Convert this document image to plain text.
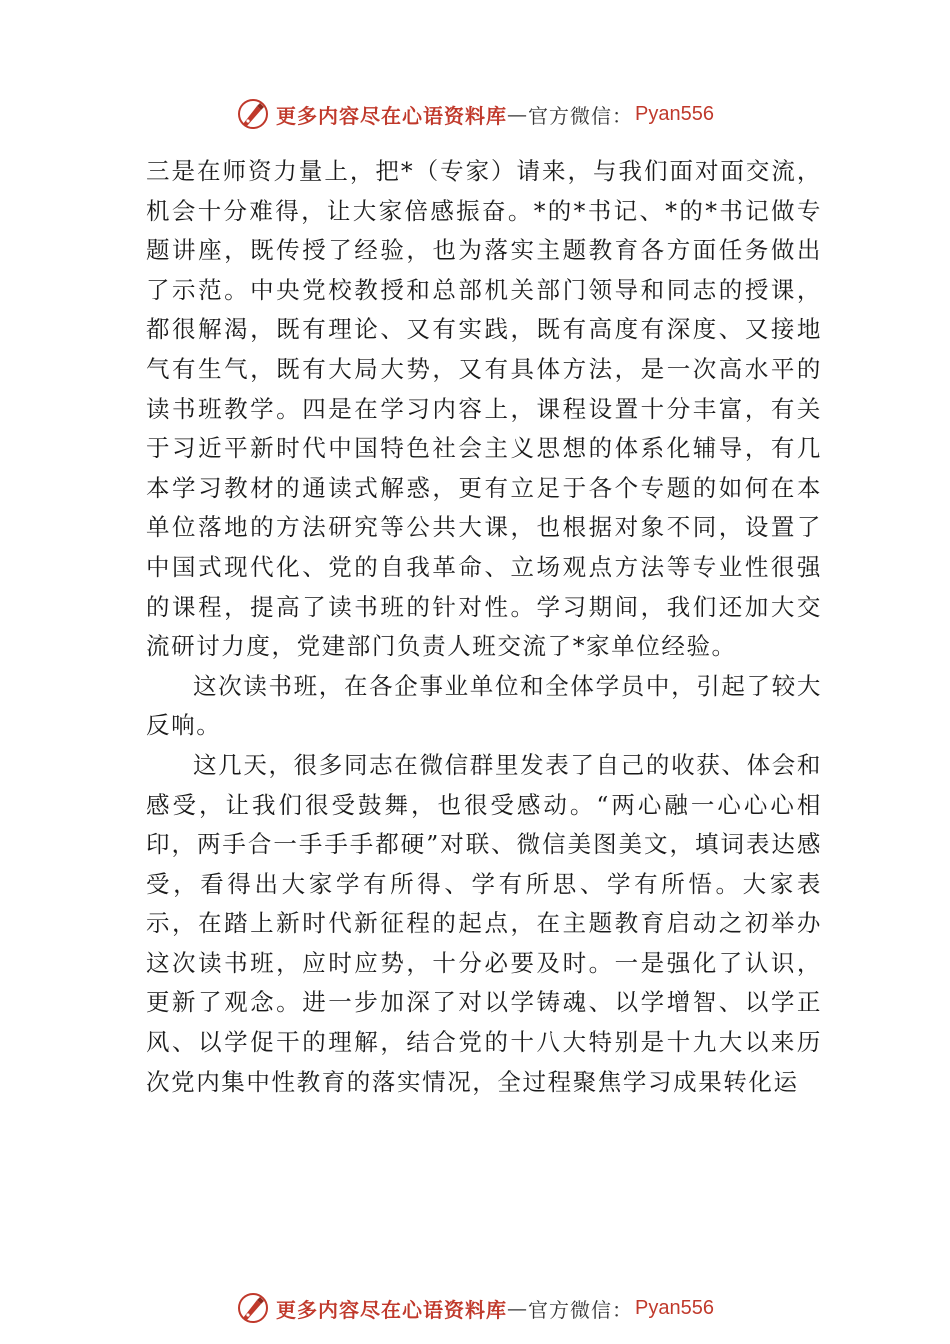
更多内容尽在心语资料库 — 官方微信： Pyan556

三是在师资力量上，把*（专家）请来，与我们面对面交流，机会十分难得，让大家倍感振奋。*的*书记、*的*书记做专题讲座，既传授了经验，也为落实主题教育各方面任务做出了示范。中央党校教授和总部机关部门领导和同志的授课， 都很解渴，既有理论、又有实践，既有高度有深度、又接地气有生气，既有大局大势，又有具体方法，是一次高水平的读书班教学。四是在学习内容上，课程设置十分丰富，有关于习近平新时代中国特色社会主义思想的体系化辅导，有几本学习教材的通读式解惑，更有立足于各个专题的如何在本单位落地的方法研究等公共大课，也根据对象不同，设置了中国式现代化、党的自我革命、立场观点方法等专业性很强的课程，提高了读书班的针对性。学习期间，我们还加大交流研讨力度，党建部门负责人班交流了*家单位经验。

这次读书班，在各企事业单位和全体学员中，引起了较大反响。

这几天，很多同志在微信群里发表了自己的收获、体会和感受，让我们很受鼓舞，也很受感动。“两心融一心心心相印，两手合一手手手都硬”对联、微信美图美文，填词表达感受，看得出大家学有所得、学有所思、学有所悟。大家表示，在踏上新时代新征程的起点，在主题教育启动之初举办这次读书班，应时应势，十分必要及时。一是强化了认识， 更新了观念。进一步加深了对以学铸魂、以学增智、以学正风、以学促干的理解，结合党的十八大特别是十九大以来历次党内集中性教育的落实情况，全过程聚焦学习成果转化运

更多内容尽在心语资料库 — 官方微信： Pyan556
